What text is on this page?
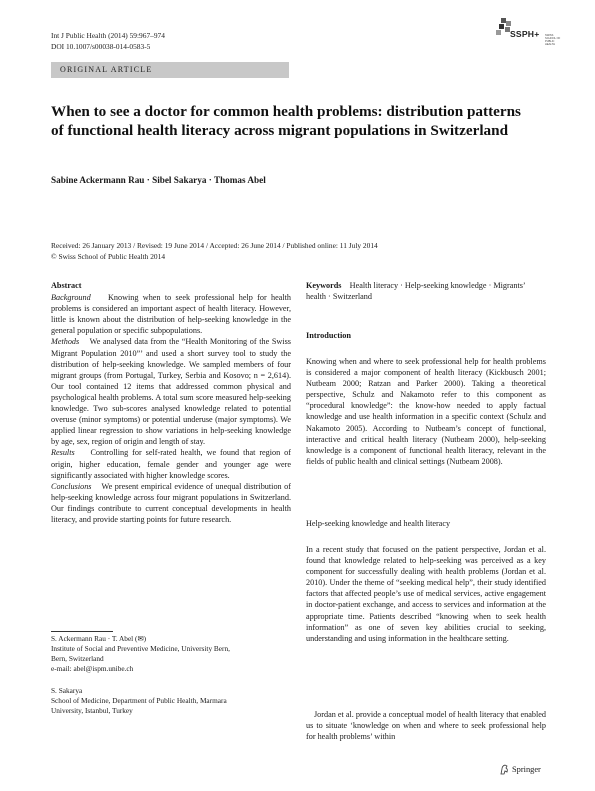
Int J Public Health (2014) 59:967–974
DOI 10.1007/s00038-014-0583-5
SSPH+ SWISS SCHOOL OF PUBLIC HEALTH
ORIGINAL ARTICLE
When to see a doctor for common health problems: distribution patterns of functional health literacy across migrant populations in Switzerland
Sabine Ackermann Rau · Sibel Sakarya · Thomas Abel
Received: 26 January 2013 / Revised: 19 June 2014 / Accepted: 26 June 2014 / Published online: 11 July 2014
© Swiss School of Public Health 2014
Abstract

Background Knowing when to seek professional help for health problems is considered an important aspect of health literacy. However, little is known about the distribution of help-seeking knowledge in the general population or specific subpopulations.

Methods We analysed data from the “Health Monitoring of the Swiss Migrant Population 2010”’ and used a short survey tool to study the distribution of help-seeking knowledge. We sampled members of four migrant groups (from Portugal, Turkey, Serbia and Kosovo; n = 2,614). Our tool contained 12 items that addressed common physical and psychological health problems. A total sum score measured help-seeking knowledge. Two sub-scores analysed knowledge related to potential overuse (minor symptoms) or potential underuse (major symptoms). We applied linear regression to show variations in help-seeking knowledge by age, sex, region of origin and length of stay.

Results Controlling for self-rated health, we found that region of origin, higher education, female gender and younger age were significantly associated with higher knowledge scores.

Conclusions We present empirical evidence of unequal distribution of help-seeking knowledge across four migrant populations in Switzerland. Our findings contribute to current conceptual developments in health literacy, and provide starting points for future research.

S. Ackermann Rau · T. Abel (✉)
Institute of Social and Preventive Medicine, University Bern,
Bern, Switzerland
e-mail: abel@ispm.unibe.ch
S. Sakarya
School of Medicine, Department of Public Health, Marmara
University, Istanbul, Turkey
Keywords Health literacy · Help-seeking knowledge · Migrants’ health · Switzerland
Introduction

Knowing when and where to seek professional help for health problems is considered a major component of health literacy (Kickbusch 2001; Nutbeam 2000; Ratzan and Parker 2000). Taking a theoretical perspective, Schulz and Nakamoto refer to this component as “procedural knowledge”: the know-how needed to apply factual knowledge and use health information in a specific context (Schulz and Nakamoto 2005). According to Nutbeam’s concept of functional, interactive and critical health literacy (Nutbeam 2000), help-seeking knowledge is a component of functional health literacy, relevant in the fields of public health and clinical settings (Nutbeam 2008).

Help-seeking knowledge and health literacy

In a recent study that focused on the patient perspective, Jordan et al. found that knowledge related to help-seeking was perceived as a key component for successfully dealing with health problems (Jordan et al. 2010). Under the theme of “seeking medical help”, their study identified factors that affected people’s use of medical services, active engagement in doctor-patient exchange, and access to services and information at the appropriate time. Patients described “knowing when to seek health information” as one of seven key abilities crucial to seeking, understanding and using information in the healthcare setting.

Jordan et al. provide a conceptual model of health literacy that enabled us to situate ‘knowledge on when and where to seek professional help for health problems’ within

Springer
